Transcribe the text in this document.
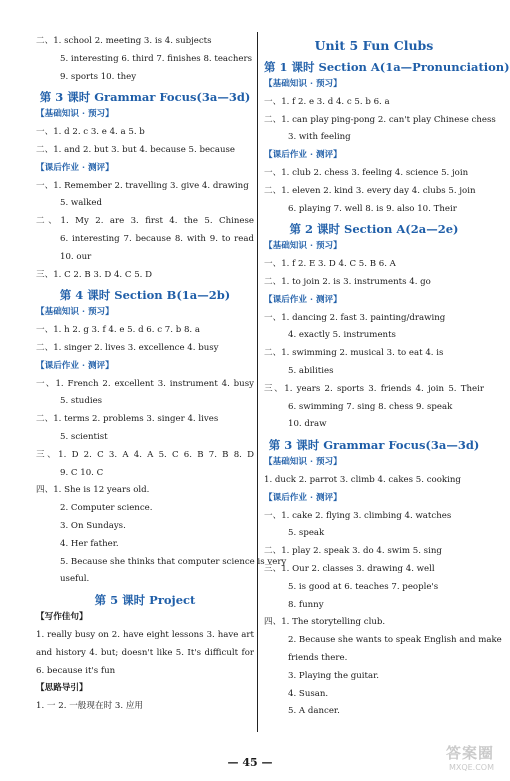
二、1. school 2. meeting 3. is 4. subjects
5. interesting 6. third 7. finishes 8. teachers
9. sports 10. they
第 3 课时 Grammar Focus(3a—3d)
【基础知识 · 预习】
一、1. d 2. c 3. e 4. a 5. b
二、1. and 2. but 3. but 4. because 5. because
【课后作业 · 测评】
一、1. Remember 2. travelling 3. give 4. drawing
5. walked
二、1. My 2. are 3. first 4. the 5. Chinese
6. interesting 7. because 8. with 9. to read
10. our
三、1. C 2. B 3. D 4. C 5. D
第 4 课时 Section B(1a—2b)
【基础知识 · 预习】
一、1. h 2. g 3. f 4. e 5. d 6. c 7. b 8. a
二、1. singer 2. lives 3. excellence 4. busy
【课后作业 · 测评】
一、1. French 2. excellent 3. instrument 4. busy
5. studies
二、1. terms 2. problems 3. singer 4. lives
5. scientist
三、1. D 2. C 3. A 4. A 5. C 6. B 7. B 8. D
9. C 10. C
四、1. She is 12 years old.
2. Computer science.
3. On Sundays.
4. Her father.
5. Because she thinks that computer science is very
useful.
第 5 课时 Project
【写作佳句】
1. really busy on 2. have eight lessons 3. have art
and history 4. but; doesn't like 5. It's difficult for
6. because it's fun
【思路导引】
1. 一 2. 一般现在时 3. 应用
Unit 5 Fun Clubs
第 1 课时 Section A(1a—Pronunciation)
【基础知识 · 预习】
一、1. f 2. e 3. d 4. c 5. b 6. a
二、1. can play ping-pong 2. can't play Chinese chess
3. with feeling
【课后作业 · 测评】
一、1. club 2. chess 3. feeling 4. science 5. join
二、1. eleven 2. kind 3. every day 4. clubs 5. join
6. playing 7. well 8. is 9. also 10. Their
第 2 课时 Section A(2a—2e)
【基础知识 · 预习】
一、1. f 2. E 3. D 4. C 5. B 6. A
二、1. to join 2. is 3. instruments 4. go
【课后作业 · 测评】
一、1. dancing 2. fast 3. painting/drawing
4. exactly 5. instruments
二、1. swimming 2. musical 3. to eat 4. is
5. abilities
三、1. years 2. sports 3. friends 4. join 5. Their
6. swimming 7. sing 8. chess 9. speak
10. draw
第 3 课时 Grammar Focus(3a—3d)
【基础知识 · 预习】
1. duck 2. parrot 3. climb 4. cakes 5. cooking
【课后作业 · 测评】
一、1. cake 2. flying 3. climbing 4. watches
5. speak
二、1. play 2. speak 3. do 4. swim 5. sing
三、1. Our 2. classes 3. drawing 4. well
5. is good at 6. teaches 7. people's
8. funny
四、1. The storytelling club.
2. Because she wants to speak English and make
friends there.
3. Playing the guitar.
4. Susan.
5. A dancer.
— 45 —
答案圈
MXQE.COM
